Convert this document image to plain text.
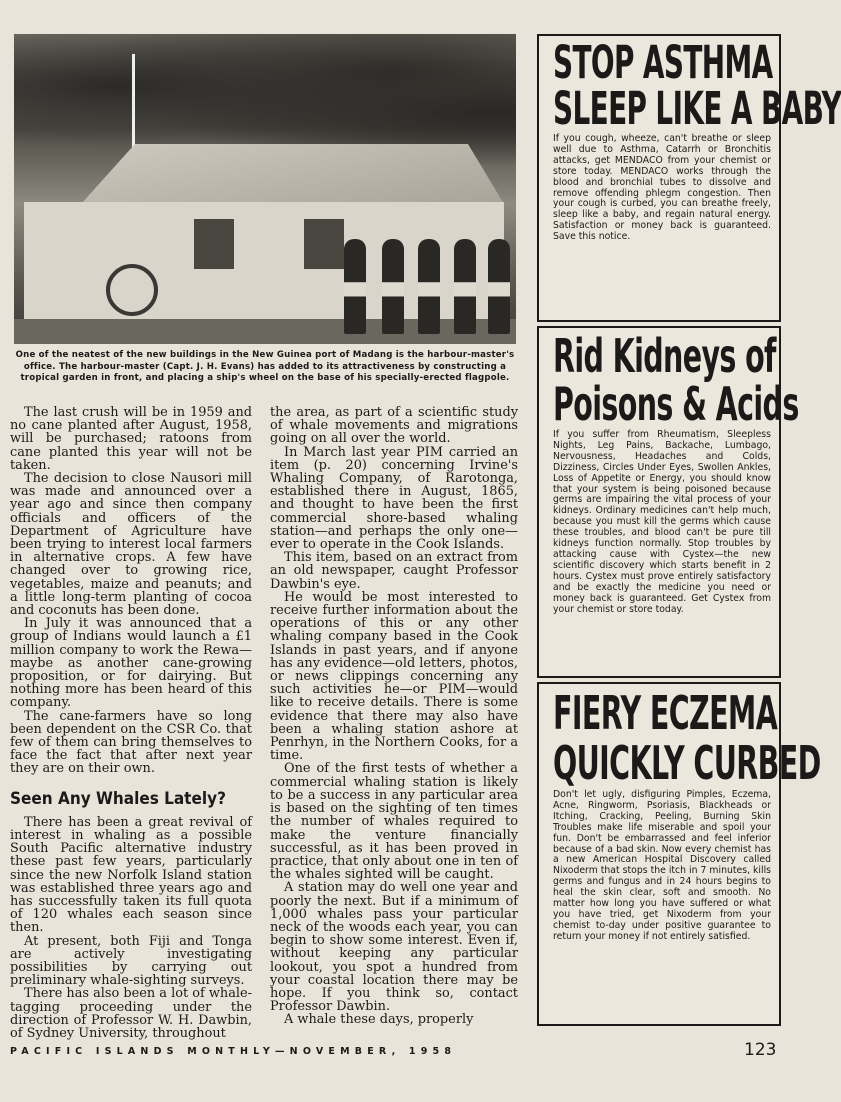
One of the neatest of the new buildings in the New Guinea port of Madang is the harbour-master's office. The harbour-master (Capt. J. H. Evans) has added to its attractiveness by constructing a tropical garden in front, and placing a ship's wheel on the base of his specially-erected flagpole.

The last crush will be in 1959 and no cane planted after August, 1958, will be purchased; ratoons from cane planted this year will not be taken.

The decision to close Nausori mill was made and announced over a year ago and since then company officials and officers of the Department of Agriculture have been trying to interest local farmers in alternative crops. A few have changed over to growing rice, vegetables, maize and peanuts; and a little long-term planting of cocoa and coconuts has been done.

In July it was announced that a group of Indians would launch a £1 million company to work the Rewa—maybe as another cane-growing proposition, or for dairying. But nothing more has been heard of this company.

The cane-farmers have so long been dependent on the CSR Co. that few of them can bring themselves to face the fact that after next year they are on their own.

Seen Any Whales Lately?

There has been a great revival of interest in whaling as a possible South Pacific alternative industry these past few years, particularly since the new Norfolk Island station was established three years ago and has successfully taken its full quota of 120 whales each season since then.

At present, both Fiji and Tonga are actively investigating possibilities by carrying out preliminary whale-sighting surveys.

There has also been a lot of whale-tagging proceeding under the direction of Professor W. H. Dawbin, of Sydney University, throughout

the area, as part of a scientific study of whale movements and migrations going on all over the world.

In March last year PIM carried an item (p. 20) concerning Irvine's Whaling Company, of Rarotonga, established there in August, 1865, and thought to have been the first commercial shore-based whaling station—and perhaps the only one—ever to operate in the Cook Islands.

This item, based on an extract from an old newspaper, caught Professor Dawbin's eye.

He would be most interested to receive further information about the operations of this or any other whaling company based in the Cook Islands in past years, and if anyone has any evidence—old letters, photos, or news clippings concerning any such activities he—or PIM—would like to receive details. There is some evidence that there may also have been a whaling station ashore at Penrhyn, in the Northern Cooks, for a time.

One of the first tests of whether a commercial whaling station is likely to be a success in any particular area is based on the sighting of ten times the number of whales required to make the venture financially successful, as it has been proved in practice, that only about one in ten of the whales sighted will be caught.

A station may do well one year and poorly the next. But if a minimum of 1,000 whales pass your particular neck of the woods each year, you can begin to show some interest. Even if, without keeping any particular lookout, you spot a hundred from your coastal location there may be hope. If you think so, contact Professor Dawbin.

A whale these days, properly

STOP ASTHMA
SLEEP LIKE A BABY
If you cough, wheeze, can't breathe or sleep well due to Asthma, Catarrh or Bronchitis attacks, get MENDACO from your chemist or store today. MENDACO works through the blood and bronchial tubes to dissolve and remove offending phlegm congestion. Then your cough is curbed, you can breathe freely, sleep like a baby, and regain natural energy. Satisfaction or money back is guaranteed. Save this notice.
Rid Kidneys of
Poisons & Acids
If you suffer from Rheumatism, Sleepless Nights, Leg Pains, Backache, Lumbago, Nervousness, Headaches and Colds, Dizziness, Circles Under Eyes, Swollen Ankles, Loss of Appetite or Energy, you should know that your system is being poisoned because germs are impairing the vital process of your kidneys. Ordinary medicines can't help much, because you must kill the germs which cause these troubles, and blood can't be pure till kidneys function normally. Stop troubles by attacking cause with Cystex—the new scientific discovery which starts benefit in 2 hours. Cystex must prove entirely satisfactory and be exactly the medicine you need or money back is guaranteed. Get Cystex from your chemist or store today.
FIERY ECZEMA
QUICKLY CURBED
Don't let ugly, disfiguring Pimples, Eczema, Acne, Ringworm, Psoriasis, Blackheads or Itching, Cracking, Peeling, Burning Skin Troubles make life miserable and spoil your fun. Don't be embarrassed and feel inferior because of a bad skin. Now every chemist has a new American Hospital Discovery called Nixoderm that stops the itch in 7 minutes, kills germs and fungus and in 24 hours begins to heal the skin clear, soft and smooth. No matter how long you have suffered or what you have tried, get Nixoderm from your chemist to-day under positive guarantee to return your money if not entirely satisfied.
PACIFIC ISLANDS MONTHLY—NOVEMBER, 1958	123
